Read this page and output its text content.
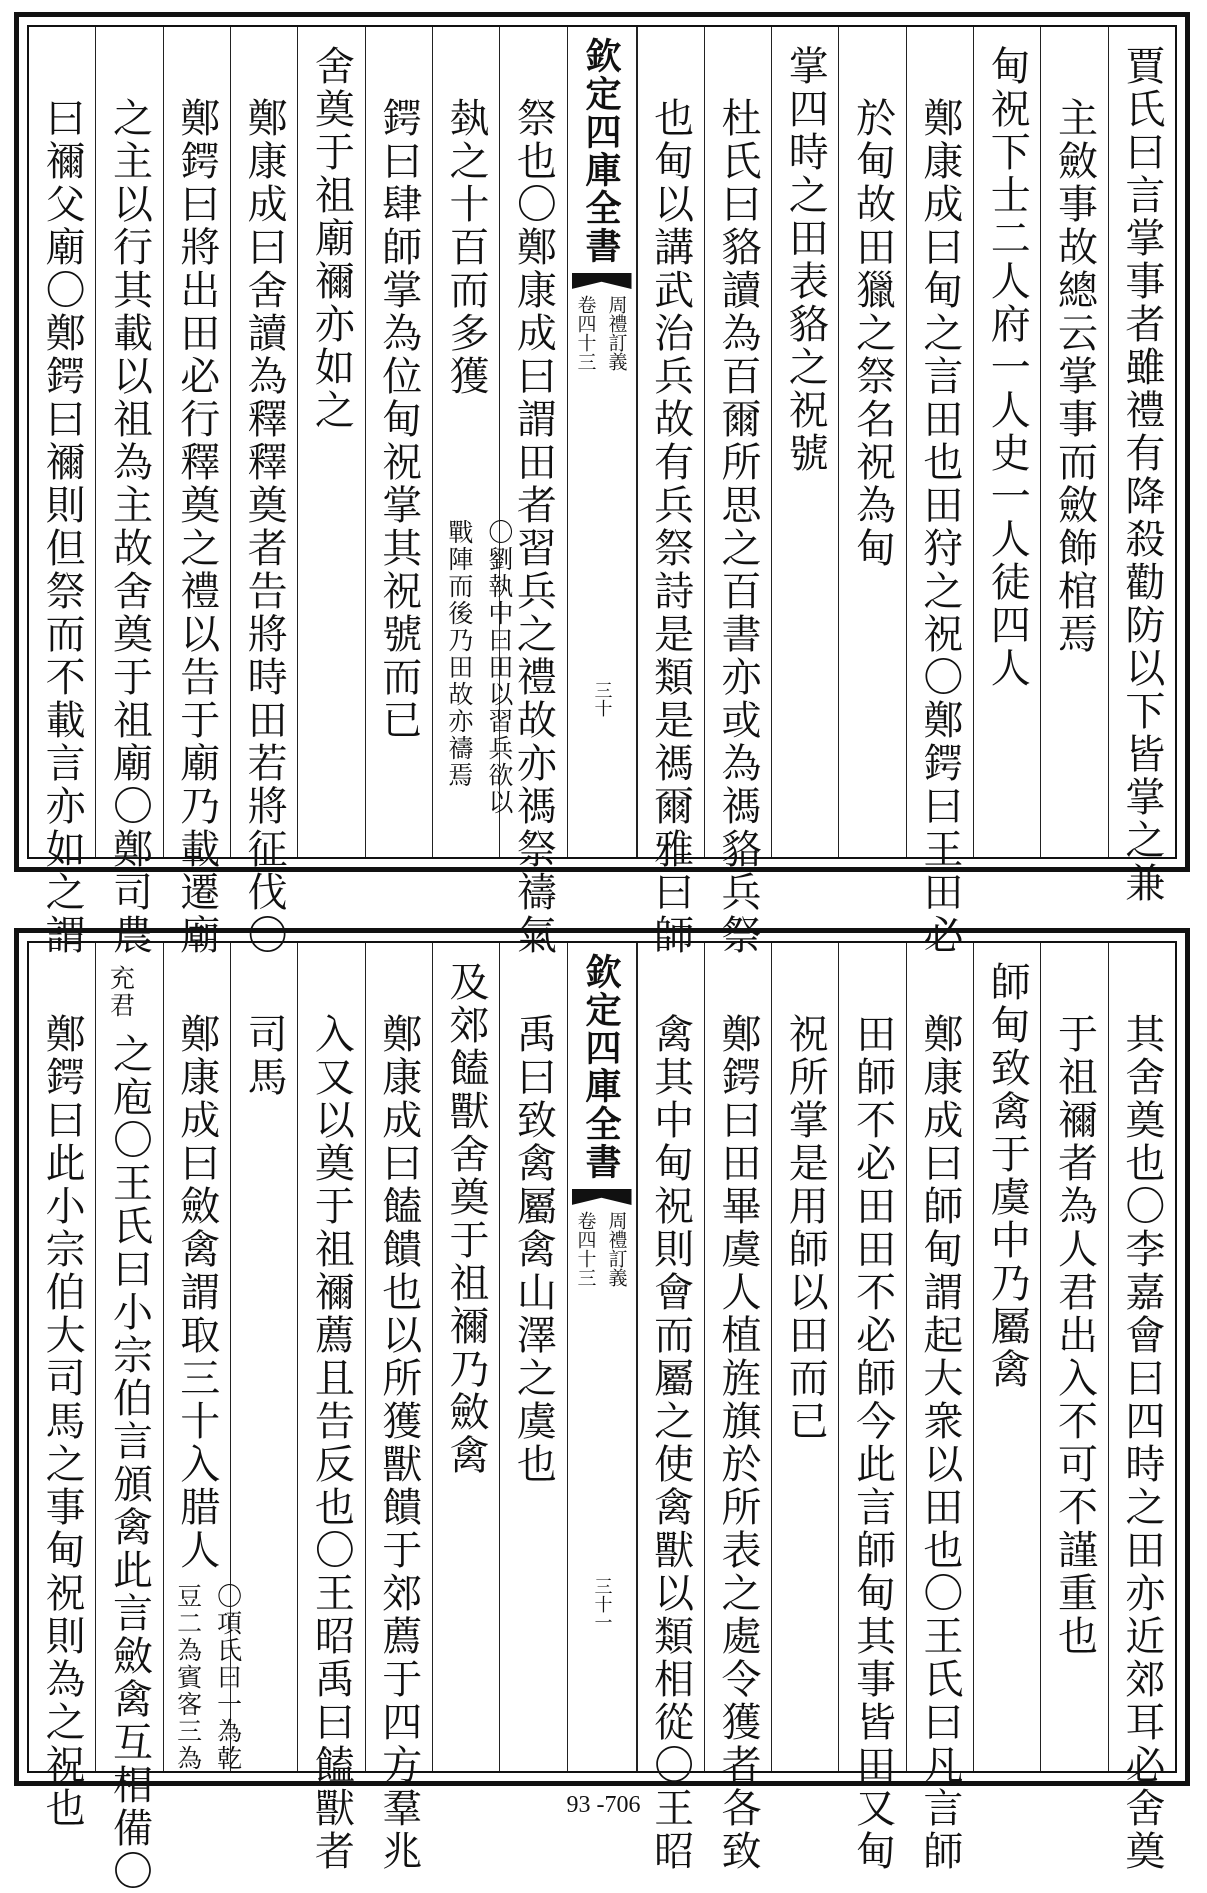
賈氏曰言掌事者雖禮有降殺勸防以下皆掌之兼
主斂事故總云掌事而斂飾棺焉
甸祝下士二人府一人史一人徒四人
鄭康成曰甸之言田也田狩之祝〇鄭鍔曰王田必
於甸故田獵之祭名祝為甸
掌四時之田表貉之祝號
杜氏曰貉讀為百爾所思之百書亦或為禡貉兵祭
也甸以講武治兵故有兵祭詩是類是禡爾雅曰師
欽定四庫全書
周禮訂義
卷四十三
三十
祭也〇鄭康成曰謂田者習兵之禮故亦禡祭禱氣
埶之十百而多獲
〇劉執中曰田以習兵欲以
戰陣而後乃田故亦禱焉
鍔曰肆師掌為位甸祝掌其祝號而已
舍奠于祖廟禰亦如之
鄭康成曰舍讀為釋釋奠者告將時田若將征伐〇
鄭鍔曰將出田必行釋奠之禮以告于廟乃載遷廟
之主以行其載以祖為主故舍奠于祖廟〇鄭司農
曰禰父廟〇鄭鍔曰禰則但祭而不載言亦如之謂
其舍奠也〇李嘉會曰四時之田亦近郊耳必舍奠
于祖禰者為人君出入不可不謹重也
師甸致禽于虞中乃屬禽
鄭康成曰師甸謂起大衆以田也〇王氏曰凡言師
田師不必田田不必師今此言師甸其事皆田又甸
祝所掌是用師以田而已
鄭鍔曰田畢虞人植旌旗於所表之處令獲者各致
禽其中甸祝則會而屬之使禽獸以類相從〇王昭
欽定四庫全書
周禮訂義
卷四十三
三十一
禹曰致禽屬禽山澤之虞也
及郊饁獸舍奠于祖禰乃斂禽
鄭康成曰饁饋也以所獲獸饋于郊薦于四方羣兆
入又以奠于祖禰薦且告反也〇王昭禹曰饁獸者
司馬
鄭康成曰斂禽謂取三十入腊人
〇項氏曰一為乾
豆二為賓客三為
充君
之庖〇王氏曰小宗伯言頒禽此言斂禽互相備〇
鄭鍔曰此小宗伯大司馬之事甸祝則為之祝也	93 -706
